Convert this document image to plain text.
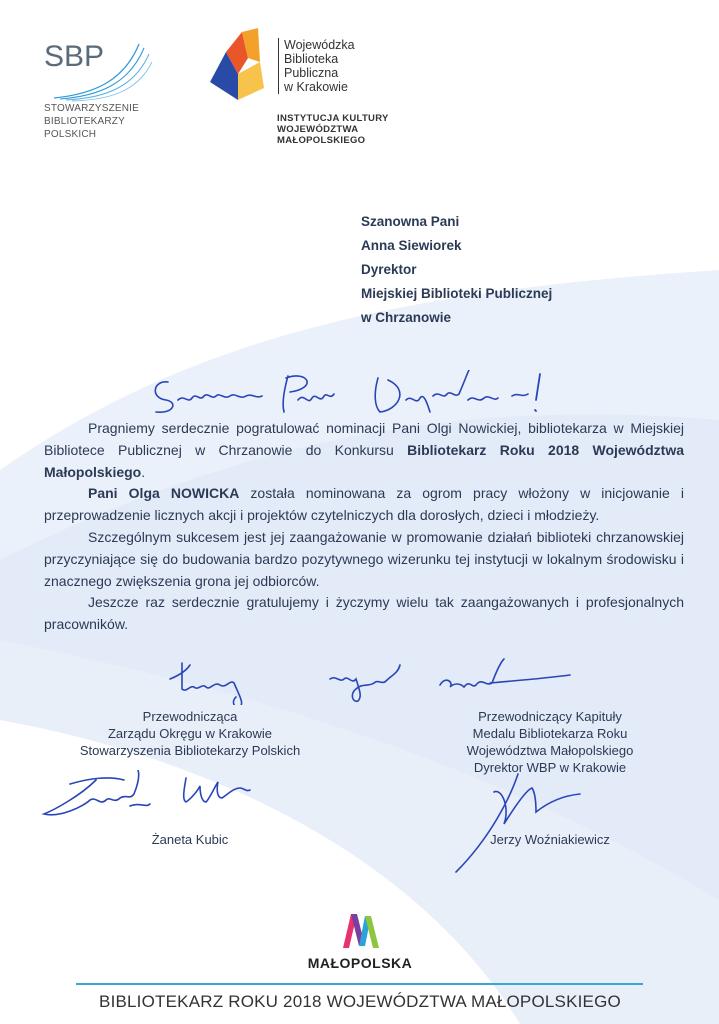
SBP
STOWARZYSZENIE
BIBLIOTEKARZY
POLSKICH
Wojewódzka
Biblioteka
Publiczna
w Krakowie
INSTYTUCJA KULTURY
WOJEWÓDZTWA
MAŁOPOLSKIEGO
Szanowna Pani
Anna Siewiorek
Dyrektor
Miejskiej Biblioteki Publicznej
w Chrzanowie

Pragniemy serdecznie pogratulować nominacji Pani Olgi Nowickiej, bibliotekarza w Miejskiej Bibliotece Publicznej w Chrzanowie do Konkursu Bibliotekarz Roku 2018 Województwa Małopolskiego.

Pani Olga NOWICKA została nominowana za ogrom pracy włożony w inicjowanie i przeprowadzenie licznych akcji i projektów czytelniczych dla dorosłych, dzieci i młodzieży.

Szczególnym sukcesem jest jej zaangażowanie w promowanie działań biblioteki chrzanowskiej przyczyniające się do budowania bardzo pozytywnego wizerunku tej instytucji w lokalnym środowisku i znacznego zwiększenia grona jej odbiorców.

Jeszcze raz serdecznie gratulujemy i życzymy wielu tak zaangażowanych i profesjonalnych pracowników.

Przewodnicząca
Zarządu Okręgu w Krakowie
Stowarzyszenia Bibliotekarzy Polskich
Przewodniczący Kapituły
Medalu Bibliotekarza Roku
Województwa Małopolskiego
Dyrektor WBP w Krakowie
Żaneta Kubic	Jerzy Woźniakiewicz
MAŁOPOLSKA
BIBLIOTEKARZ ROKU 2018 WOJEWÓDZTWA MAŁOPOLSKIEGO
